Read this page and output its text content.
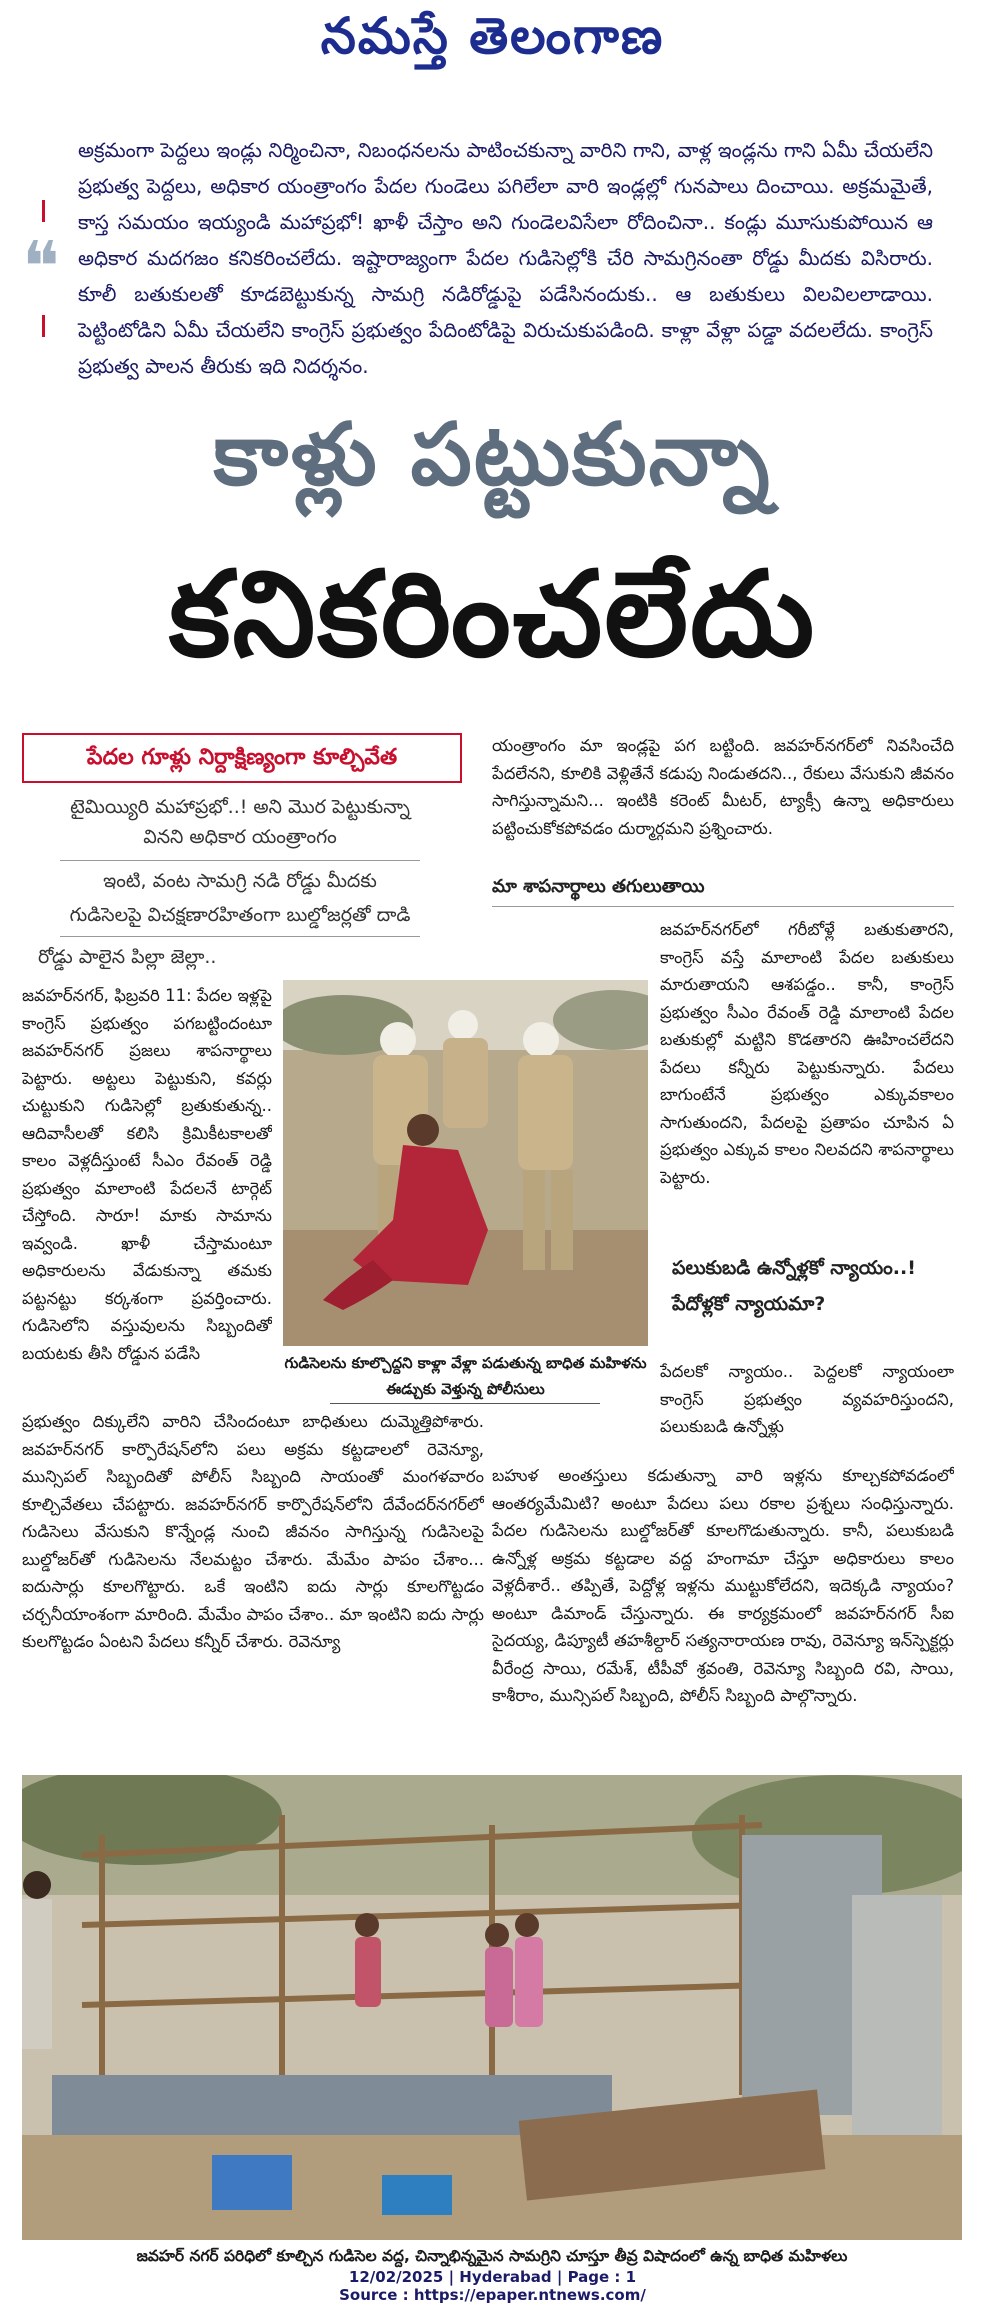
నమస్తే తెలంగాణ
❝
అక్రమంగా పెద్దలు ఇండ్లు నిర్మించినా, నిబంధనలను పాటించకున్నా వారిని గాని, వాళ్ల ఇండ్లను గాని ఏమీ చేయలేని ప్రభుత్వ పెద్దలు, అధికార యంత్రాంగం పేదల గుండెలు పగిలేలా వారి ఇండ్లల్లో గునపాలు దించాయి. అక్రమమైతే, కాస్త సమయం ఇయ్యండి మహాప్రభో! ఖాళీ చేస్తాం అని గుండెలవిసేలా రోదించినా.. కండ్లు మూసుకుపోయిన ఆ అధికార మదగజం కనికరించలేదు. ఇష్టారాజ్యంగా పేదల గుడిసెల్లోకి చేరి సామగ్రినంతా రోడ్డు మీదకు విసిరారు. కూలీ బతుకులతో కూడబెట్టుకున్న సామగ్రి నడిరోడ్డుపై పడేసినందుకు.. ఆ బతుకులు విలవిలలాడాయి. పెట్టింటోడిని ఏమీ చేయలేని కాంగ్రెస్ ప్రభుత్వం పేదింటోడిపై విరుచుకుపడింది. కాళ్లా వేళ్లా పడ్డా వదలలేదు. కాంగ్రెస్ ప్రభుత్వ పాలన తీరుకు ఇది నిదర్శనం.
కాళ్లు పట్టుకున్నా
కనికరించలేదు
పేదల గూళ్లు నిర్దాక్షిణ్యంగా కూల్చివేత
టైమియ్యిరి మహాప్రభో..! అని మొర పెట్టుకున్నా
వినని అధికార యంత్రాంగం
ఇంటి, వంట సామగ్రి నడి రోడ్డు మీదకు
గుడిసెలపై విచక్షణారహితంగా బుల్డోజర్లతో దాడి
రోడ్డు పాలైన పిల్లా జెల్లా..

జవహర్‌నగర్, ఫిబ్రవరి 11: పేదల ఇళ్లపై కాంగ్రెస్ ప్రభుత్వం పగబట్టిందంటూ జవహర్‌నగర్ ప్రజలు శాపనార్థాలు పెట్టారు. అట్టలు పెట్టుకుని, కవర్లు చుట్టుకుని గుడిసెల్లో బ్రతుకుతున్న.. ఆదివాసీలతో కలిసి క్రిమికీటకాలతో కాలం వెళ్లదీస్తుంటే సీఎం రేవంత్ రెడ్డి ప్రభుత్వం మాలాంటి పేదలనే టార్గెట్ చేస్తోంది. సారూ! మాకు సామాను ఇవ్వండి. ఖాళీ చేస్తామంటూ అధికారులను వేడుకున్నా తమకు పట్టనట్టు కర్కశంగా ప్రవర్తించారు. గుడిసెలోని వస్తువులను సిబ్బందితో బయటకు తీసి రోడ్డున పడేసి

గుడిసెలను కూల్చొద్దని కాళ్లా వేళ్లా పడుతున్న బాధిత మహిళను ఈడ్చుకు వెళ్తున్న పోలీసులు

ప్రభుత్వం దిక్కులేని వారిని చేసిందంటూ బాధితులు దుమ్మెత్తిపోశారు. జవహర్‌నగర్ కార్పొరేషన్‌లోని పలు అక్రమ కట్టడాలలో రెవెన్యూ, మున్సిపల్ సిబ్బందితో పోలీస్ సిబ్బంది సాయంతో మంగళవారం కూల్చివేతలు చేపట్టారు. జవహర్‌నగర్ కార్పొరేషన్‌లోని దేవేందర్‌నగర్‌లో గుడిసెలు వేసుకుని కొన్నేండ్ల నుంచి జీవనం సాగిస్తున్న గుడిసెలపై బుల్డోజర్‌తో గుడిసెలను నేలమట్టం చేశారు. మేమేం పాపం చేశాం... ఐదుసార్లు కూలగొట్టారు. ఒకే ఇంటిని ఐదు సార్లు కూలగొట్టడం చర్చనీయాంశంగా మారింది. మేమేం పాపం చేశాం.. మా ఇంటిని ఐదు సార్లు కులగొట్టడం ఏంటని పేదలు కన్నీర్ చేశారు. రెవెన్యూ

యంత్రాంగం మా ఇండ్లపై పగ బట్టింది. జవహర్‌నగర్‌లో నివసించేది పేదలేనని, కూలికి వెళ్లితేనే కడుపు నిండుతదని.., రేకులు వేసుకుని జీవనం సాగిస్తున్నామని... ఇంటికి కరెంట్ మీటర్, ట్యాక్సీ ఉన్నా అధికారులు పట్టించుకోకపోవడం దుర్మార్గమని ప్రశ్నించారు.

మా శాపనార్థాలు తగులుతాయి

జవహర్‌నగర్‌లో గరీబోళ్లే బతుకుతారని, కాంగ్రెస్ వస్తే మాలాంటి పేదల బతుకులు మారుతాయని ఆశపడ్డం.. కానీ, కాంగ్రెస్ ప్రభుత్వం సీఎం రేవంత్ రెడ్డి మాలాంటి పేదల బతుకుల్లో మట్టిని కొడతారని ఊహించలేదని పేదలు కన్నీరు పెట్టుకున్నారు. పేదలు బాగుంటేనే ప్రభుత్వం ఎక్కువకాలం సాగుతుందని, పేదలపై ప్రతాపం చూపిన ఏ ప్రభుత్వం ఎక్కువ కాలం నిలవదని శాపనార్థాలు పెట్టారు.

పలుకుబడి ఉన్నోళ్లకో న్యాయం..! పేదోళ్లకో న్యాయమా?

పేదలకో న్యాయం.. పెద్దలకో న్యాయంలా కాంగ్రెస్ ప్రభుత్వం వ్యవహరిస్తుందని, పలుకుబడి ఉన్నోళ్లు

బహుళ అంతస్తులు కడుతున్నా వారి ఇళ్లను కూల్చకపోవడంలో ఆంతర్యమేమిటి? అంటూ పేదలు పలు రకాల ప్రశ్నలు సంధిస్తున్నారు. పేదల గుడిసెలను బుల్డోజర్‌తో కూలగొడుతున్నారు. కానీ, పలుకుబడి ఉన్నోళ్ల అక్రమ కట్టడాల వద్ద హంగామా చేస్తూ అధికారులు కాలం వెళ్లదీశారే.. తప్పితే, పెద్దోళ్ల ఇళ్లను ముట్టుకోలేదని, ఇదెక్కడి న్యాయం? అంటూ డిమాండ్ చేస్తున్నారు. ఈ కార్యక్రమంలో జవహర్‌నగర్ సీఐ సైదయ్య, డిప్యూటీ తహశీల్దార్ సత్యనారాయణ రావు, రెవెన్యూ ఇన్‌స్పెక్టర్లు వీరేంద్ర సాయి, రమేశ్, టీపీవో శ్రవంతి, రెవెన్యూ సిబ్బంది రవి, సాయి, కాశీరాం, మున్సిపల్ సిబ్బంది, పోలీస్ సిబ్బంది పాల్గొన్నారు.

జవహర్ నగర్ పరిధిలో కూల్చిన గుడిసెల వద్ద, చిన్నాభిన్నమైన సామగ్రిని చూస్తూ తీవ్ర విషాదంలో ఉన్న బాధిత మహిళలు
12/02/2025 | Hyderabad | Page : 1
Source : https://epaper.ntnews.com/
